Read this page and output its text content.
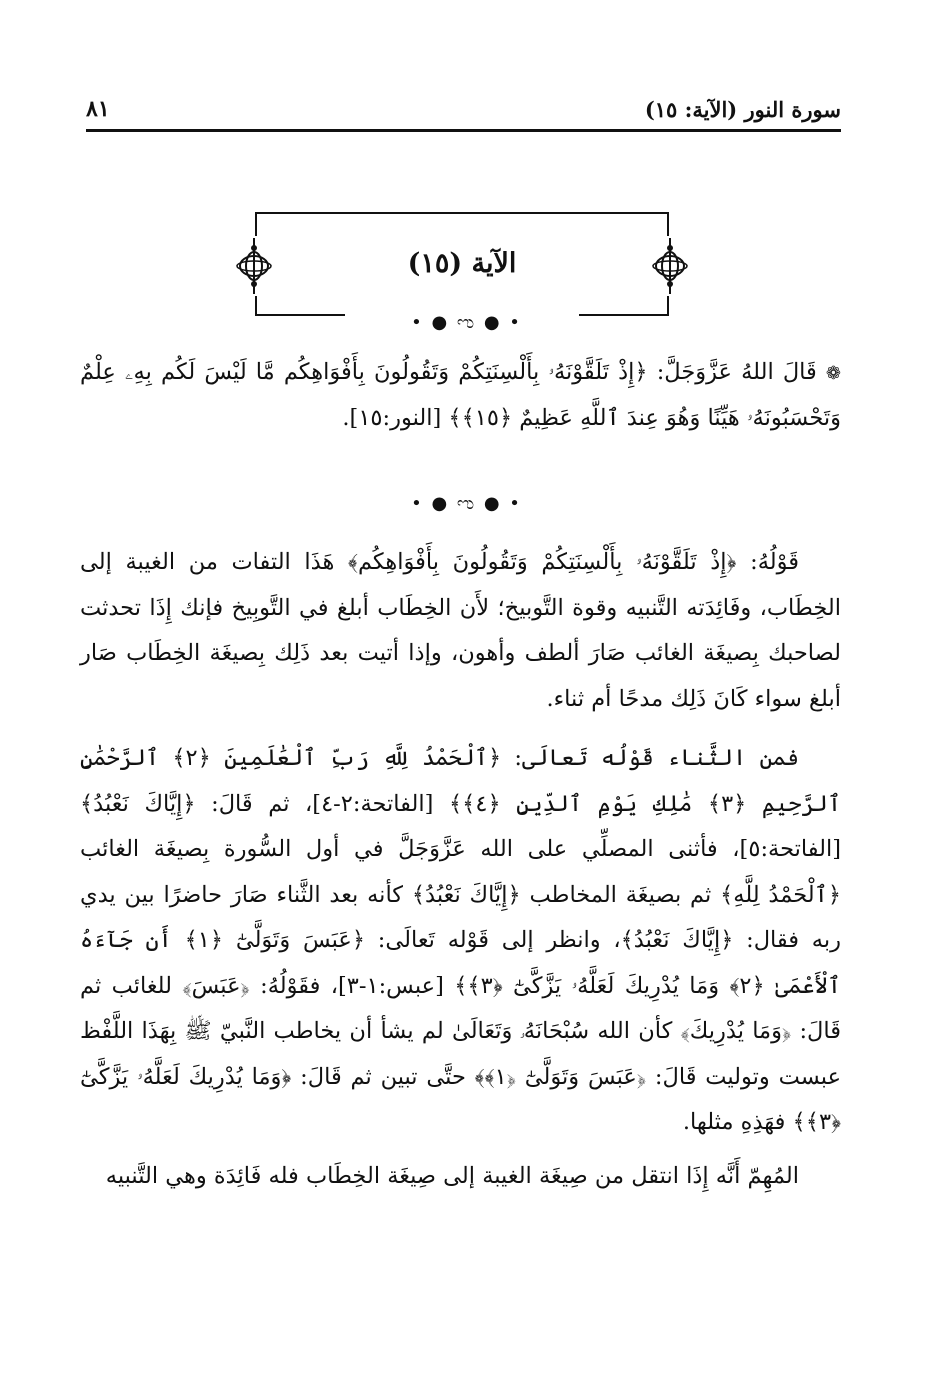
سورة النور (الآية: ١٥)
٨١
الآية (١٥)
• ● ಌ ● •

❁ قَالَ اللهُ عَزَّوَجَلَّ: ﴿إِذْ تَلَقَّوْنَهُۥ بِأَلْسِنَتِكُمْ وَتَقُولُونَ بِأَفْوَاهِكُم مَّا لَيْسَ لَكُم بِهِۦ عِلْمٌ وَتَحْسَبُونَهُۥ هَيِّنًا وَهُوَ عِندَ ٱللَّهِ عَظِيمٌ ﴿١٥﴾﴾ [النور:١٥].

قَوْلُهُ: ﴿إِذْ تَلَقَّوْنَهُۥ بِأَلْسِنَتِكُمْ وَتَقُولُونَ بِأَفْوَاهِكُم﴾ هَذَا التفات من الغيبة إلى الخِطَاب، وفَائِدَته التَّنبيه وقوة التَّوبيخ؛ لأَن الخِطَاب أبلغ في التَّوبِيخ فإنك إِذَا تحدثت لصاحبك بِصيغَة الغائب صَارَ ألطف وأهون، وإذا أتيت بعد ذَلِك بِصيغَة الخِطَاب صَار أبلغ سواء كَانَ ذَلِك مدحًا أم ثناء.

فمن الثَّناء قَوْلُه تَعالَى: ﴿ٱلْحَمْدُ لِلَّهِ رَبِّ ٱلْعَٰلَمِينَ ﴿٢﴾ ٱلرَّحْمَٰنِ ٱلرَّحِيمِ ﴿٣﴾ مَٰلِكِ يَوْمِ ٱلدِّينِ ﴿٤﴾﴾ [الفاتحة:٢-٤]، ثم قَالَ: ﴿إِيَّاكَ نَعْبُدُ﴾ [الفاتحة:٥]، فأثنى المصلِّي على الله عَزَّوَجَلَّ في أول السُّورة بِصيغَة الغائب ﴿ٱلْحَمْدُ لِلَّهِ﴾ ثم بصيغَة المخاطب ﴿إِيَّاكَ نَعْبُدُ﴾ كأنه بعد الثَّناء صَارَ حاضرًا بين يدي ربه فقال: ﴿إِيَّاكَ نَعْبُدُ﴾، وانظر إلى قَوْله تَعالَى: ﴿عَبَسَ وَتَوَلَّىٰٓ ﴿١﴾ أَن جَآءَهُ ٱلْأَعْمَىٰ ﴿٢﴾ وَمَا يُدْرِيكَ لَعَلَّهُۥ يَزَّكَّىٰٓ ﴿٣﴾﴾ [عبس:١-٣]، فقَوْلُهُ: ﴿عَبَسَ﴾ للغائب ثم قَالَ: ﴿وَمَا يُدْرِيكَ﴾ كأن الله سُبْحَانَهُۥ وَتَعَالَىٰ لم يشأ أن يخاطب النَّبيّ ﷺ بِهَذَا اللَّفْظ عبست وتوليت قَالَ: ﴿عَبَسَ وَتَوَلَّىٰٓ ﴿١﴾﴾ حتَّى تبين ثم قَالَ: ﴿وَمَا يُدْرِيكَ لَعَلَّهُۥ يَزَّكَّىٰٓ ﴿٣﴾﴾ فهَذِهِ مثلها.

المُهِمّ أَنَّه إِذَا انتقل من صِيغَة الغيبة إلى صِيغَة الخِطَاب فله فَائِدَة وهي التَّنبيه

• ● ಌ ● •
